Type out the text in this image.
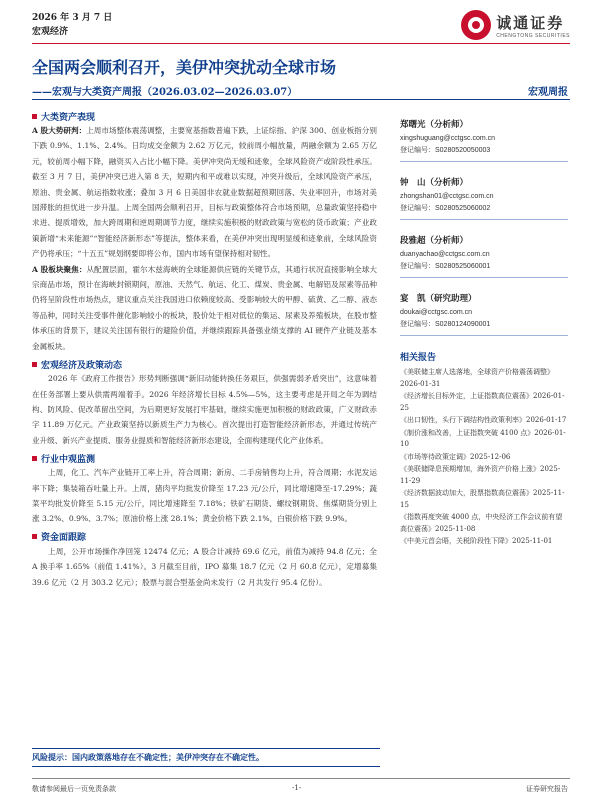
2026 年 3 月 7 日
宏观经济
诚通证券
CHENGTONG SECURITIES
全国两会顺利召开，美伊冲突扰动全球市场
——宏观与大类资产周报（2026.03.02—2026.03.07）	宏观周报
大类资产表现

A 股大势研判：上周市场整体震荡调整，主要宽基指数普遍下跌，上证综指、沪深 300、创业板指分别下跌 0.9%、1.1%、2.4%。日均成交金额为 2.62 万亿元，较前周小幅放量，两融余额为 2.65 万亿元，较前周小幅下降，融资买入占比小幅下降。美伊冲突尚无缓和迹象，全球风险资产或阶段性承压。截至 3 月 7 日，美伊冲突已进入第 8 天，短期内和平或难以实现，冲突升级后，全球风险资产承压，原油、贵金属、航运指数收涨；叠加 3 月 6 日美国非农就业数据超预期回落、失业率回升，市场对美国滞胀的担忧进一步升温。上周全国两会顺利召开，目标与政策整体符合市场预期，总量政策坚持稳中求进、提质增效，加大跨周期和逆周期调节力度，继续实施积极的财政政策与宽松的货币政策；产业政策新增“未来能源”“智能经济新形态”等提法，整体来看，在美伊冲突出现明显缓和迹象前，全球风险资产仍将承压；“十五五”规划纲要即将公布，国内市场有望保持相对韧性。

A 股板块聚焦：从配置层面，霍尔木兹海峡的全球能源供应链的关键节点，其通行状况直接影响全球大宗商品市场，预计在海峡封锁期间，原油、天然气、航运、化工、煤炭、贵金属、电解铝及尿素等品种仍将呈阶段性市场热点，建议重点关注我国进口依赖度较高、受影响较大的甲醇、硫黄、乙二醇、液态等品种，同时关注受事件催化影响较小的板块，股价处于相对低位的集运、尿素及养殖板块，在股市整体承压的背景下，建议关注国有银行的避险价值，并继续跟踪具备强业绩支撑的 AI 硬件产业链及基本金属板块。

宏观经济及政策动态

2026 年《政府工作报告》形势判断强调“新旧动能转换任务艰巨，供强需弱矛盾突出”，这意味着在任务部署上要从供需两端着手。2026 年经济增长目标 4.5%—5%，这主要考虑是开局之年为调结构、防风险、促改革留出空间，为后期更好发展打牢基础，继续实施更加积极的财政政策，广义财政赤字 11.89 万亿元。产业政策坚持以新质生产力为核心。首次提出打造智能经济新形态，并通过传统产业升级、新兴产业提质、服务业提质和智能经济新形态建设，全面构建现代化产业体系。

行业中观监测

上周，化工、汽车产业链开工率上升，符合周期；新房、二手房销售均上升，符合周期；水泥发运率下降；集装箱吞吐量上升。上周，猪肉平均批发价降至 17.23 元/公斤，同比增速降至-17.29%；蔬菜平均批发价降至 5.15 元/公斤，同比增速降至 7.18%；铁矿石期货、螺纹钢期货、焦煤期货分别上涨 3.2%、0.9%、3.7%；原油价格上涨 28.1%；黄金价格下跌 2.1%，白银价格下跌 9.9%。

资金面跟踪

上周，公开市场操作净回笼 12474 亿元；A 股合计减持 69.6 亿元，前值为减持 94.8 亿元；全 A 换手率 1.65%（前值 1.41%）。3 月截至目前，IPO 募集 18.7 亿元（2 月 60.8 亿元），定增募集 39.6 亿元（2 月 303.2 亿元）；股票与混合型基金尚未发行（2 月共发行 95.4 亿份）。

风险提示：国内政策落地存在不确定性；美伊冲突存在不确定性。
郑曙光（分析师）
xingshuguang@cctgsc.com.cn
登记编号：S0280520050003
钟　山（分析师）
zhongshan01@cctgsc.com.cn
登记编号：S0280525060002
段雅超（分析师）
duanyachao@cctgsc.com.cn
登记编号：S0280525060001
宴　凯（研究助理）
doukai@cctgsc.com.cn
登记编号：S0280124090001
相关报告
《美联储主席人选落地，全球资产价格震荡调整》2026-01-31
《经济增长目标外定，上证指数高位震荡》2026-01-25
《出口韧性，头行下调结构性政策利率》2026-01-17
《制价涨和改善，上证指数突破 4100 点》2026-01-10
《市场等待政策定调》2025-12-06
《美联储降息预期增加，海外资产价格上涨》2025-11-29
《经济数据波动加大，股票指数高位震荡》2025-11-15
《指数再度突破 4000 点，中央经济工作会议前有望高位震荡》2025-11-08
《中美元首会晤，关税阶段性下降》2025-11-01
敬请参阅最后一页免责条款	-1-	证券研究报告
